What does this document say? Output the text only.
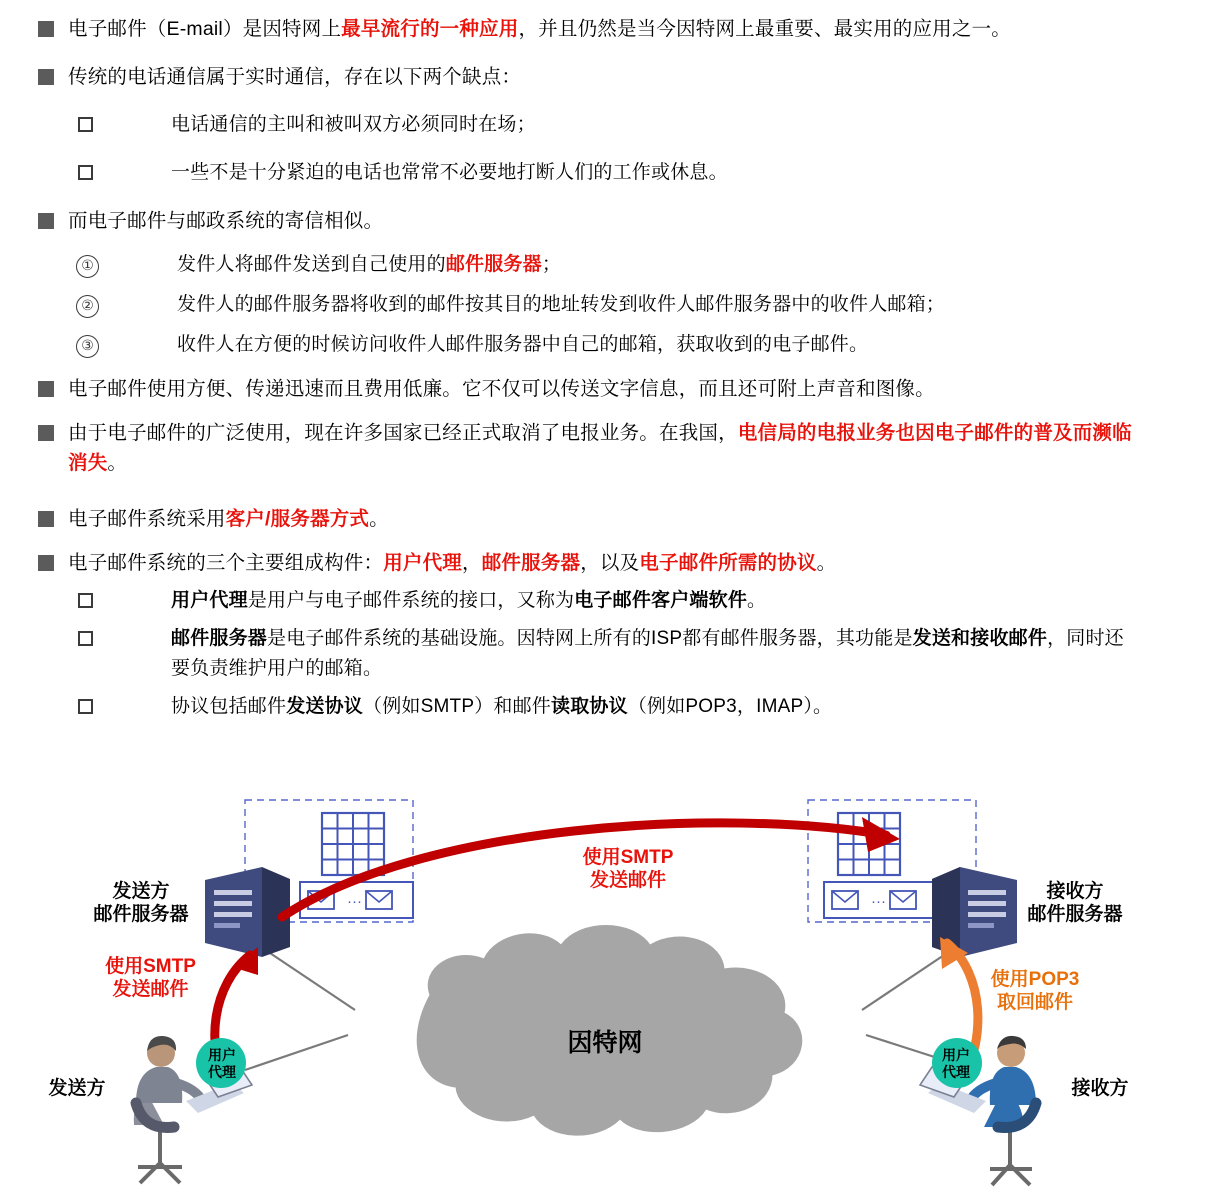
电子邮件（E-mail）是因特网上最早流行的一种应用，并且仍然是当今因特网上最重要、最实用的应用之一。
传统的电话通信属于实时通信，存在以下两个缺点：
电话通信的主叫和被叫双方必须同时在场；
一些不是十分紧迫的电话也常常不必要地打断人们的工作或休息。
而电子邮件与邮政系统的寄信相似。
①	发件人将邮件发送到自己使用的邮件服务器；
②	发件人的邮件服务器将收到的邮件按其目的地址转发到收件人邮件服务器中的收件人邮箱；
③	收件人在方便的时候访问收件人邮件服务器中自己的邮箱，获取收到的电子邮件。
电子邮件使用方便、传递迅速而且费用低廉。它不仅可以传送文字信息，而且还可附上声音和图像。
由于电子邮件的广泛使用，现在许多国家已经正式取消了电报业务。在我国，电信局的电报业务也因电子邮件的普及而濒临消失。
电子邮件系统采用客户/服务器方式。
电子邮件系统的三个主要组成构件：用户代理，邮件服务器，以及电子邮件所需的协议。
用户代理是用户与电子邮件系统的接口，又称为电子邮件客户端软件。
邮件服务器是电子邮件系统的基础设施。因特网上所有的ISP都有邮件服务器，其功能是发送和接收邮件，同时还要负责维护用户的邮箱。
协议包括邮件发送协议（例如SMTP）和邮件读取协议（例如POP3，IMAP）。
···	···
发送方
邮件服务器
接收方
邮件服务器
发送方	接收方
使用SMTP
发送邮件
使用SMTP
发送邮件	使用POP3
取回邮件
因特网
用户
代理
用户
代理
